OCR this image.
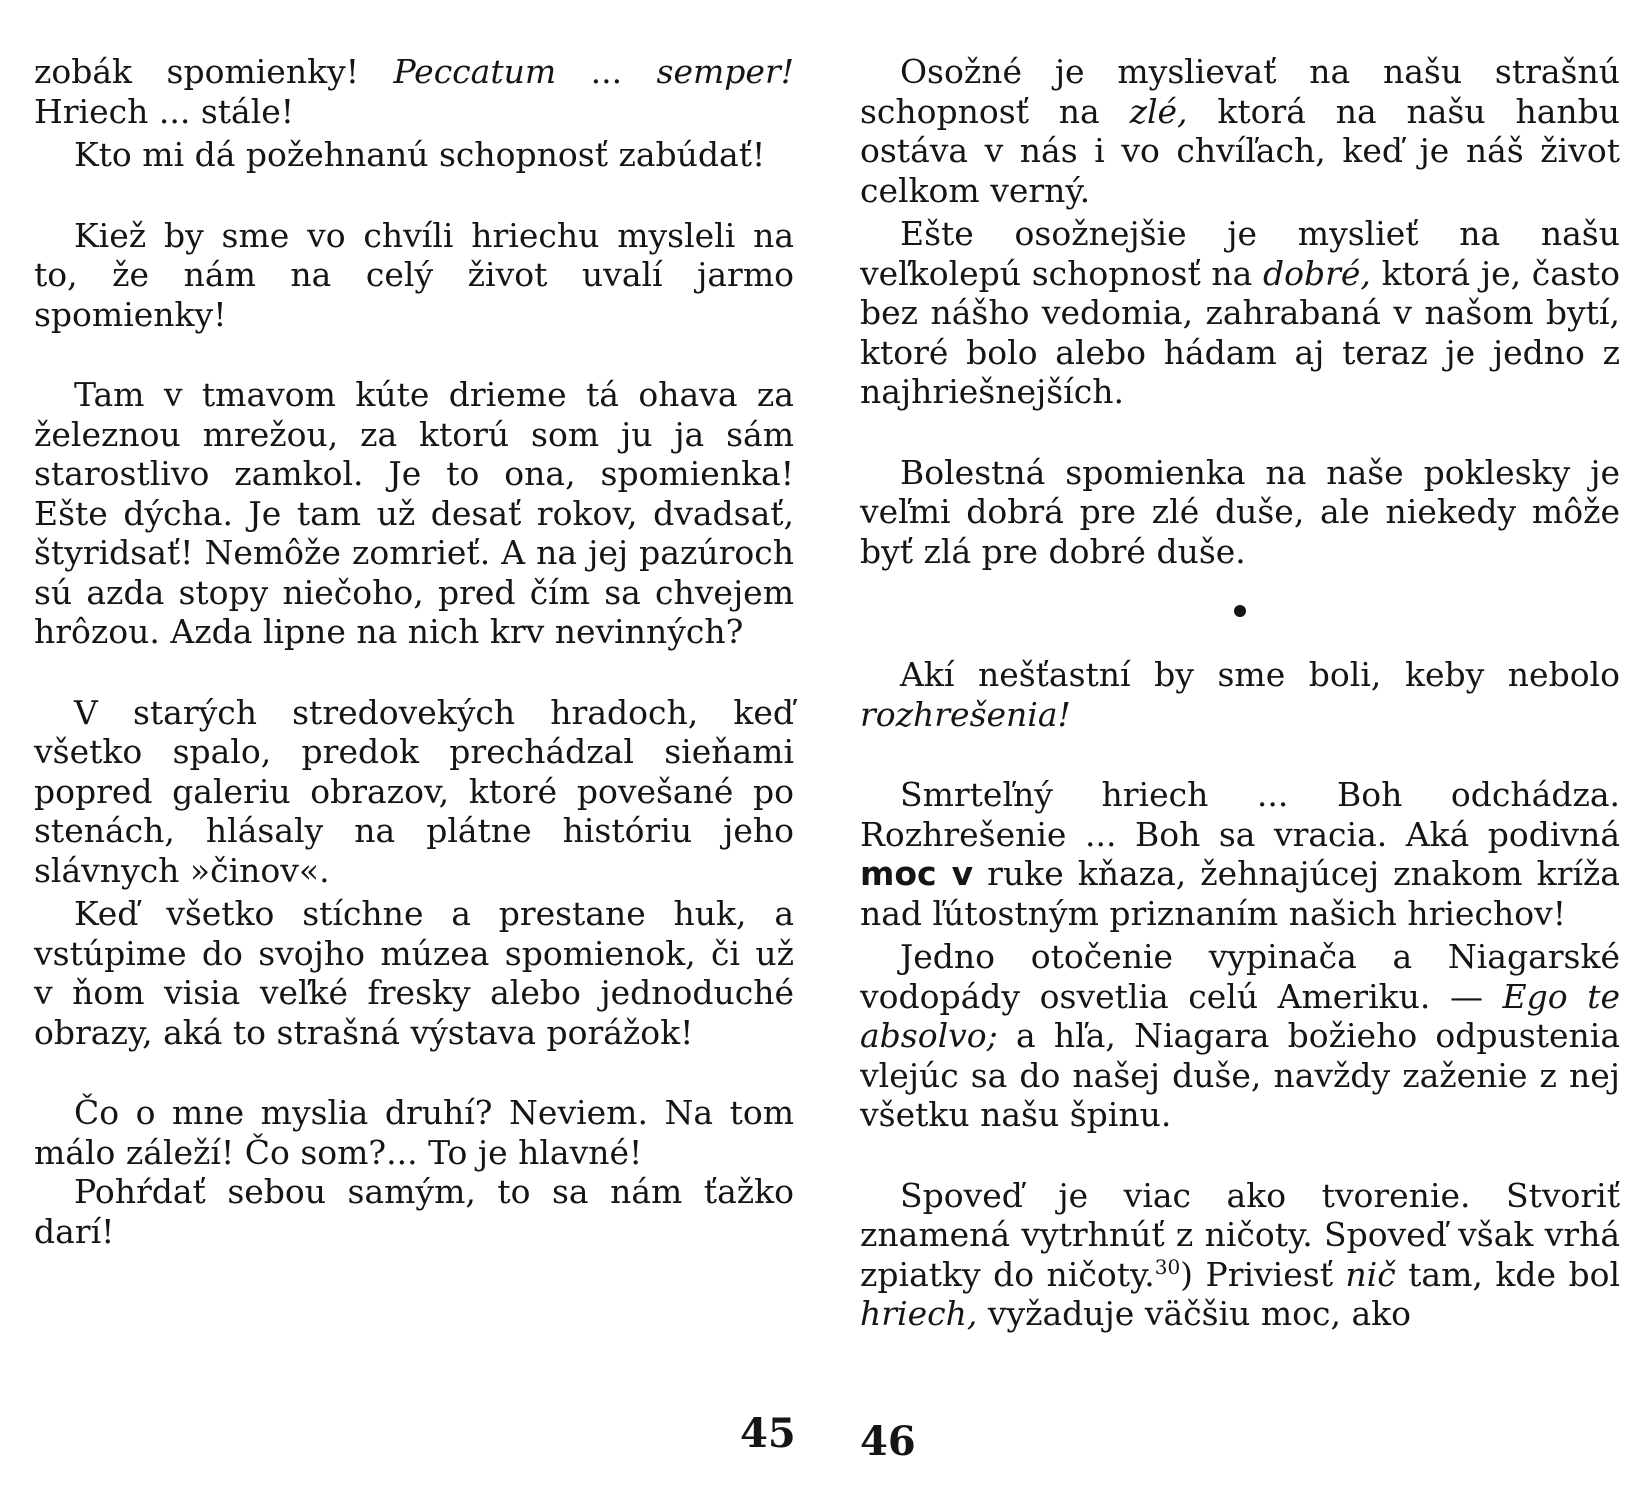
zobák spomienky! Peccatum ... semper! Hriech ... stále!

Kto mi dá požehnanú schopnosť zabúdať!

Kiež by sme vo chvíli hriechu mysleli na to, že nám na celý život uvalí jarmo spomienky!

Tam v tmavom kúte drieme tá ohava za železnou mrežou, za ktorú som ju ja sám starostlivo zamkol. Je to ona, spomienka! Ešte dýcha. Je tam už desať rokov, dvadsať, štyridsať! Nemôže zomrieť. A na jej pazúroch sú azda stopy niečoho, pred čím sa chvejem hrôzou. Azda lipne na nich krv nevinných?

V starých stredovekých hradoch, keď všetko spalo, predok prechádzal sieňami popred galeriu obrazov, ktoré povešané po stenách, hlásaly na plátne históriu jeho slávnych »činov«.

Keď všetko stíchne a prestane huk, a vstúpime do svojho múzea spomienok, či už v ňom visia veľké fresky alebo jednoduché obrazy, aká to strašná výstava porážok!

Čo o mne myslia druhí? Neviem. Na tom málo záleží! Čo som?... To je hlavné!

Pohŕdať sebou samým, to sa nám ťažko darí!

Osožné je myslievať na našu strašnú schopnosť na zlé, ktorá na našu hanbu ostáva v nás i vo chvíľach, keď je náš život celkom verný.

Ešte osožnejšie je myslieť na našu veľkolepú schopnosť na dobré, ktorá je, často bez nášho vedomia, zahrabaná v našom bytí, ktoré bolo alebo hádam aj teraz je jedno z najhriešnejších.

Bolestná spomienka na naše poklesky je veľmi dobrá pre zlé duše, ale niekedy môže byť zlá pre dobré duše.

Akí nešťastní by sme boli, keby nebolo rozhrešenia!

Smrteľný hriech ... Boh odchádza. Rozhrešenie ... Boh sa vracia. Aká podivná moc v ruke kňaza, žehnajúcej znakom kríža nad ľútostným priznaním našich hriechov!

Jedno otočenie vypinača a Niagarské vodopády osvetlia celú Ameriku. — Ego te absolvo; a hľa, Niagara božieho odpustenia vlejúc sa do našej duše, navždy zaženie z nej všetku našu špinu.

Spoveď je viac ako tvorenie. Stvoriť znamená vytrhnúť z ničoty. Spoveď však vrhá zpiatky do ničoty.$^{30}$) Priviesť nič tam, kde bol hriech, vyžaduje väčšiu moc, ako

45 46
